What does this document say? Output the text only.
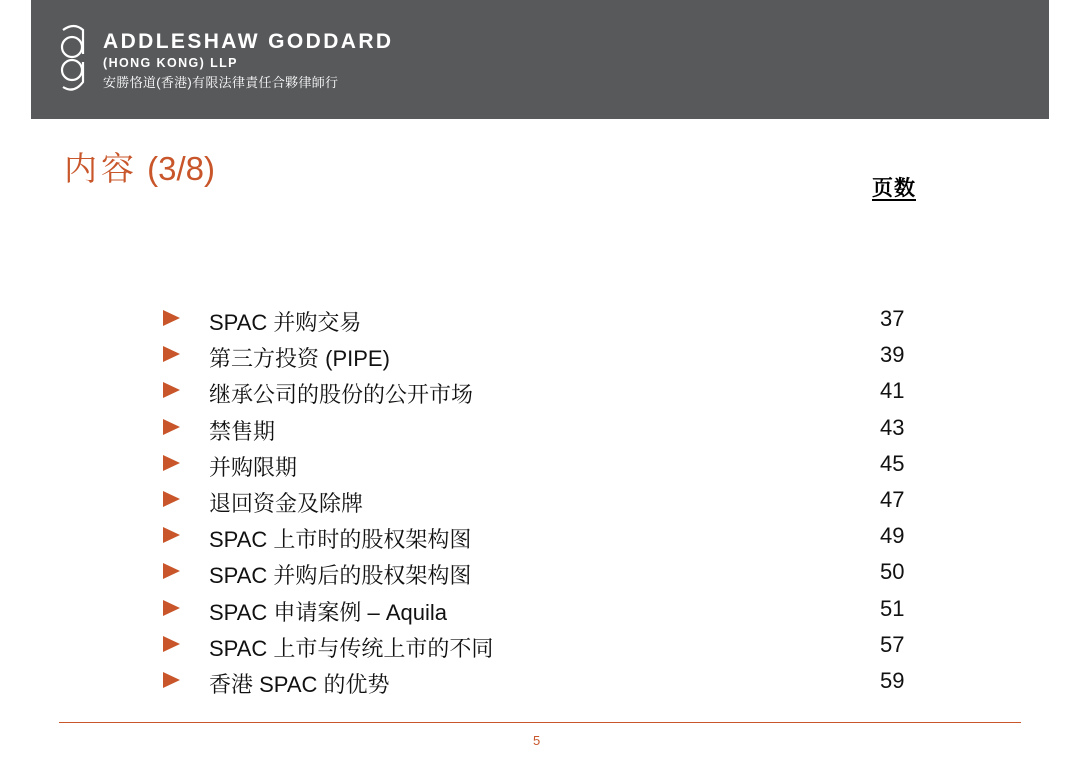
ADDLESHAW GODDARD
(HONG KONG) LLP
安勝恪道(香港)有限法律責任合夥律師行
内容 (3/8)
页数
SPAC 并购交易	37
第三方投资 (PIPE)	39
继承公司的股份的公开市场	41
禁售期	43
并购限期	45
退回资金及除牌	47
SPAC 上市时的股权架构图	49
SPAC 并购后的股权架构图	50
SPAC 申请案例 – Aquila	51
SPAC 上市与传统上市的不同	57
香港 SPAC 的优势	59
5
